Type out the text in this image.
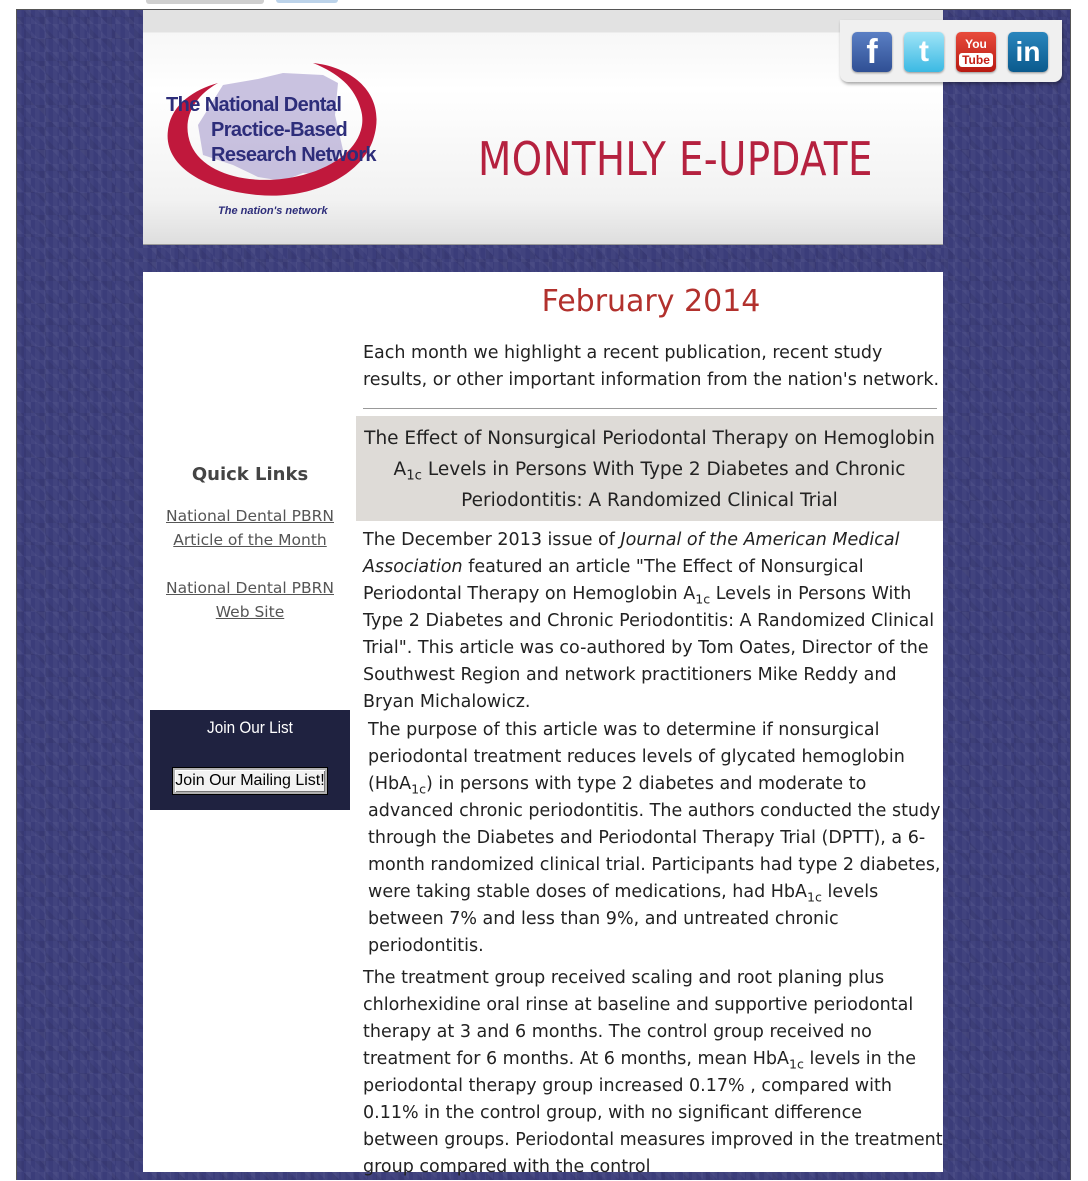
f t	You
Tube in
The National Dental
Practice-Based
Research Network
The nation's network
MONTHLY E-UPDATE
February 2014
Each month we highlight a recent publication, recent study results, or other important information from the nation's network.
The Effect of Nonsurgical Periodontal Therapy on Hemoglobin $A_{1c}$ Levels in Persons With Type 2 Diabetes and Chronic Periodontitis: A Randomized Clinical Trial
The December 2013 issue of Journal of the American Medical Association featured an article "The Effect of Nonsurgical Periodontal Therapy on Hemoglobin $A_{1c}$ Levels in Persons With Type 2 Diabetes and Chronic Periodontitis: A Randomized Clinical Trial". This article was co-authored by Tom Oates, Director of the Southwest Region and network practitioners Mike Reddy and Bryan Michalowicz.
The purpose of this article was to determine if nonsurgical periodontal treatment reduces levels of glycated hemoglobin (HbA$_{1c}$) in persons with type 2 diabetes and moderate to advanced chronic periodontitis. The authors conducted the study through the Diabetes and Periodontal Therapy Trial (DPTT), a 6-month randomized clinical trial. Participants had type 2 diabetes, were taking stable doses of medications, had HbA$_{1c}$ levels between 7% and less than 9%, and untreated chronic periodontitis.
The treatment group received scaling and root planing plus chlorhexidine oral rinse at baseline and supportive periodontal therapy at 3 and 6 months. The control group received no treatment for 6 months. At 6 months, mean HbA$_{1c}$ levels in the periodontal therapy group increased 0.17% , compared with 0.11% in the control group, with no significant difference between groups. Periodontal measures improved in the treatment group compared with the control
Quick Links
National Dental PBRN Article of the Month
National Dental PBRN Web Site
Join Our List
Join Our Mailing List!
